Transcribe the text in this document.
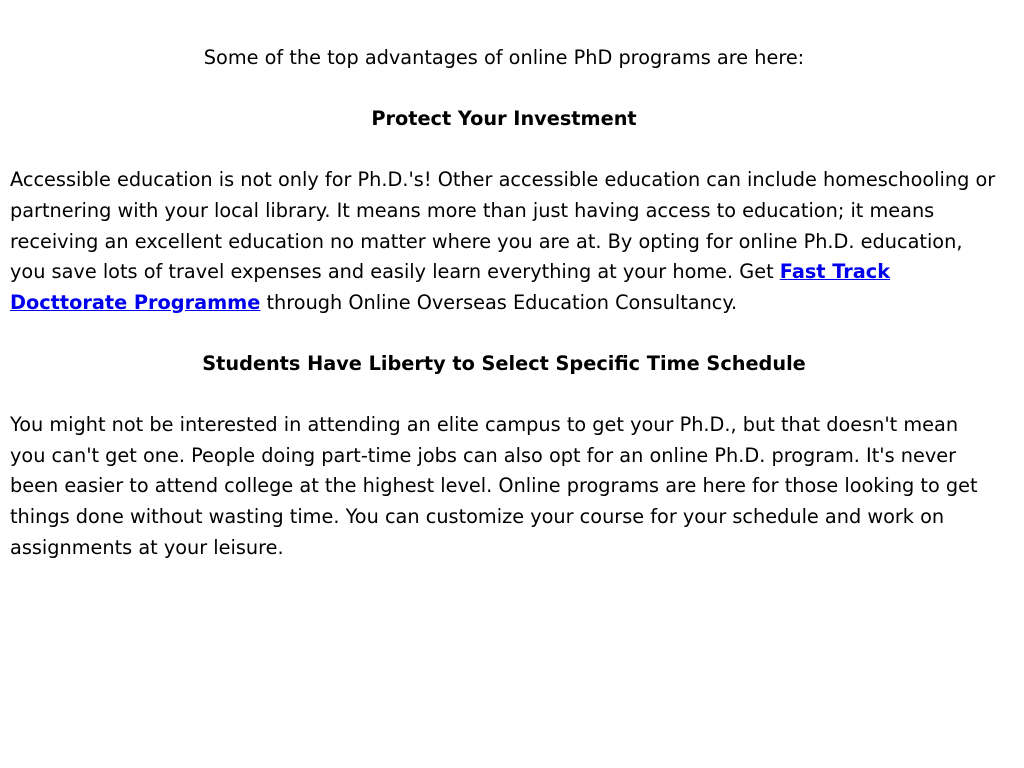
Some of the top advantages of online PhD programs are here:
Protect Your Investment

Accessible education is not only for Ph.D.'s! Other accessible education can include homeschooling or partnering with your local library. It means more than just having access to education; it means receiving an excellent education no matter where you are at. By opting for online Ph.D. education, you save lots of travel expenses and easily learn everything at your home. Get Fast Track Docttorate Programme through Online Overseas Education Consultancy.

Students Have Liberty to Select Specific Time Schedule

You might not be interested in attending an elite campus to get your Ph.D., but that doesn't mean you can't get one. People doing part-time jobs can also opt for an online Ph.D. program. It's never been easier to attend college at the highest level. Online programs are here for those looking to get things done without wasting time. You can customize your course for your schedule and work on assignments at your leisure.
